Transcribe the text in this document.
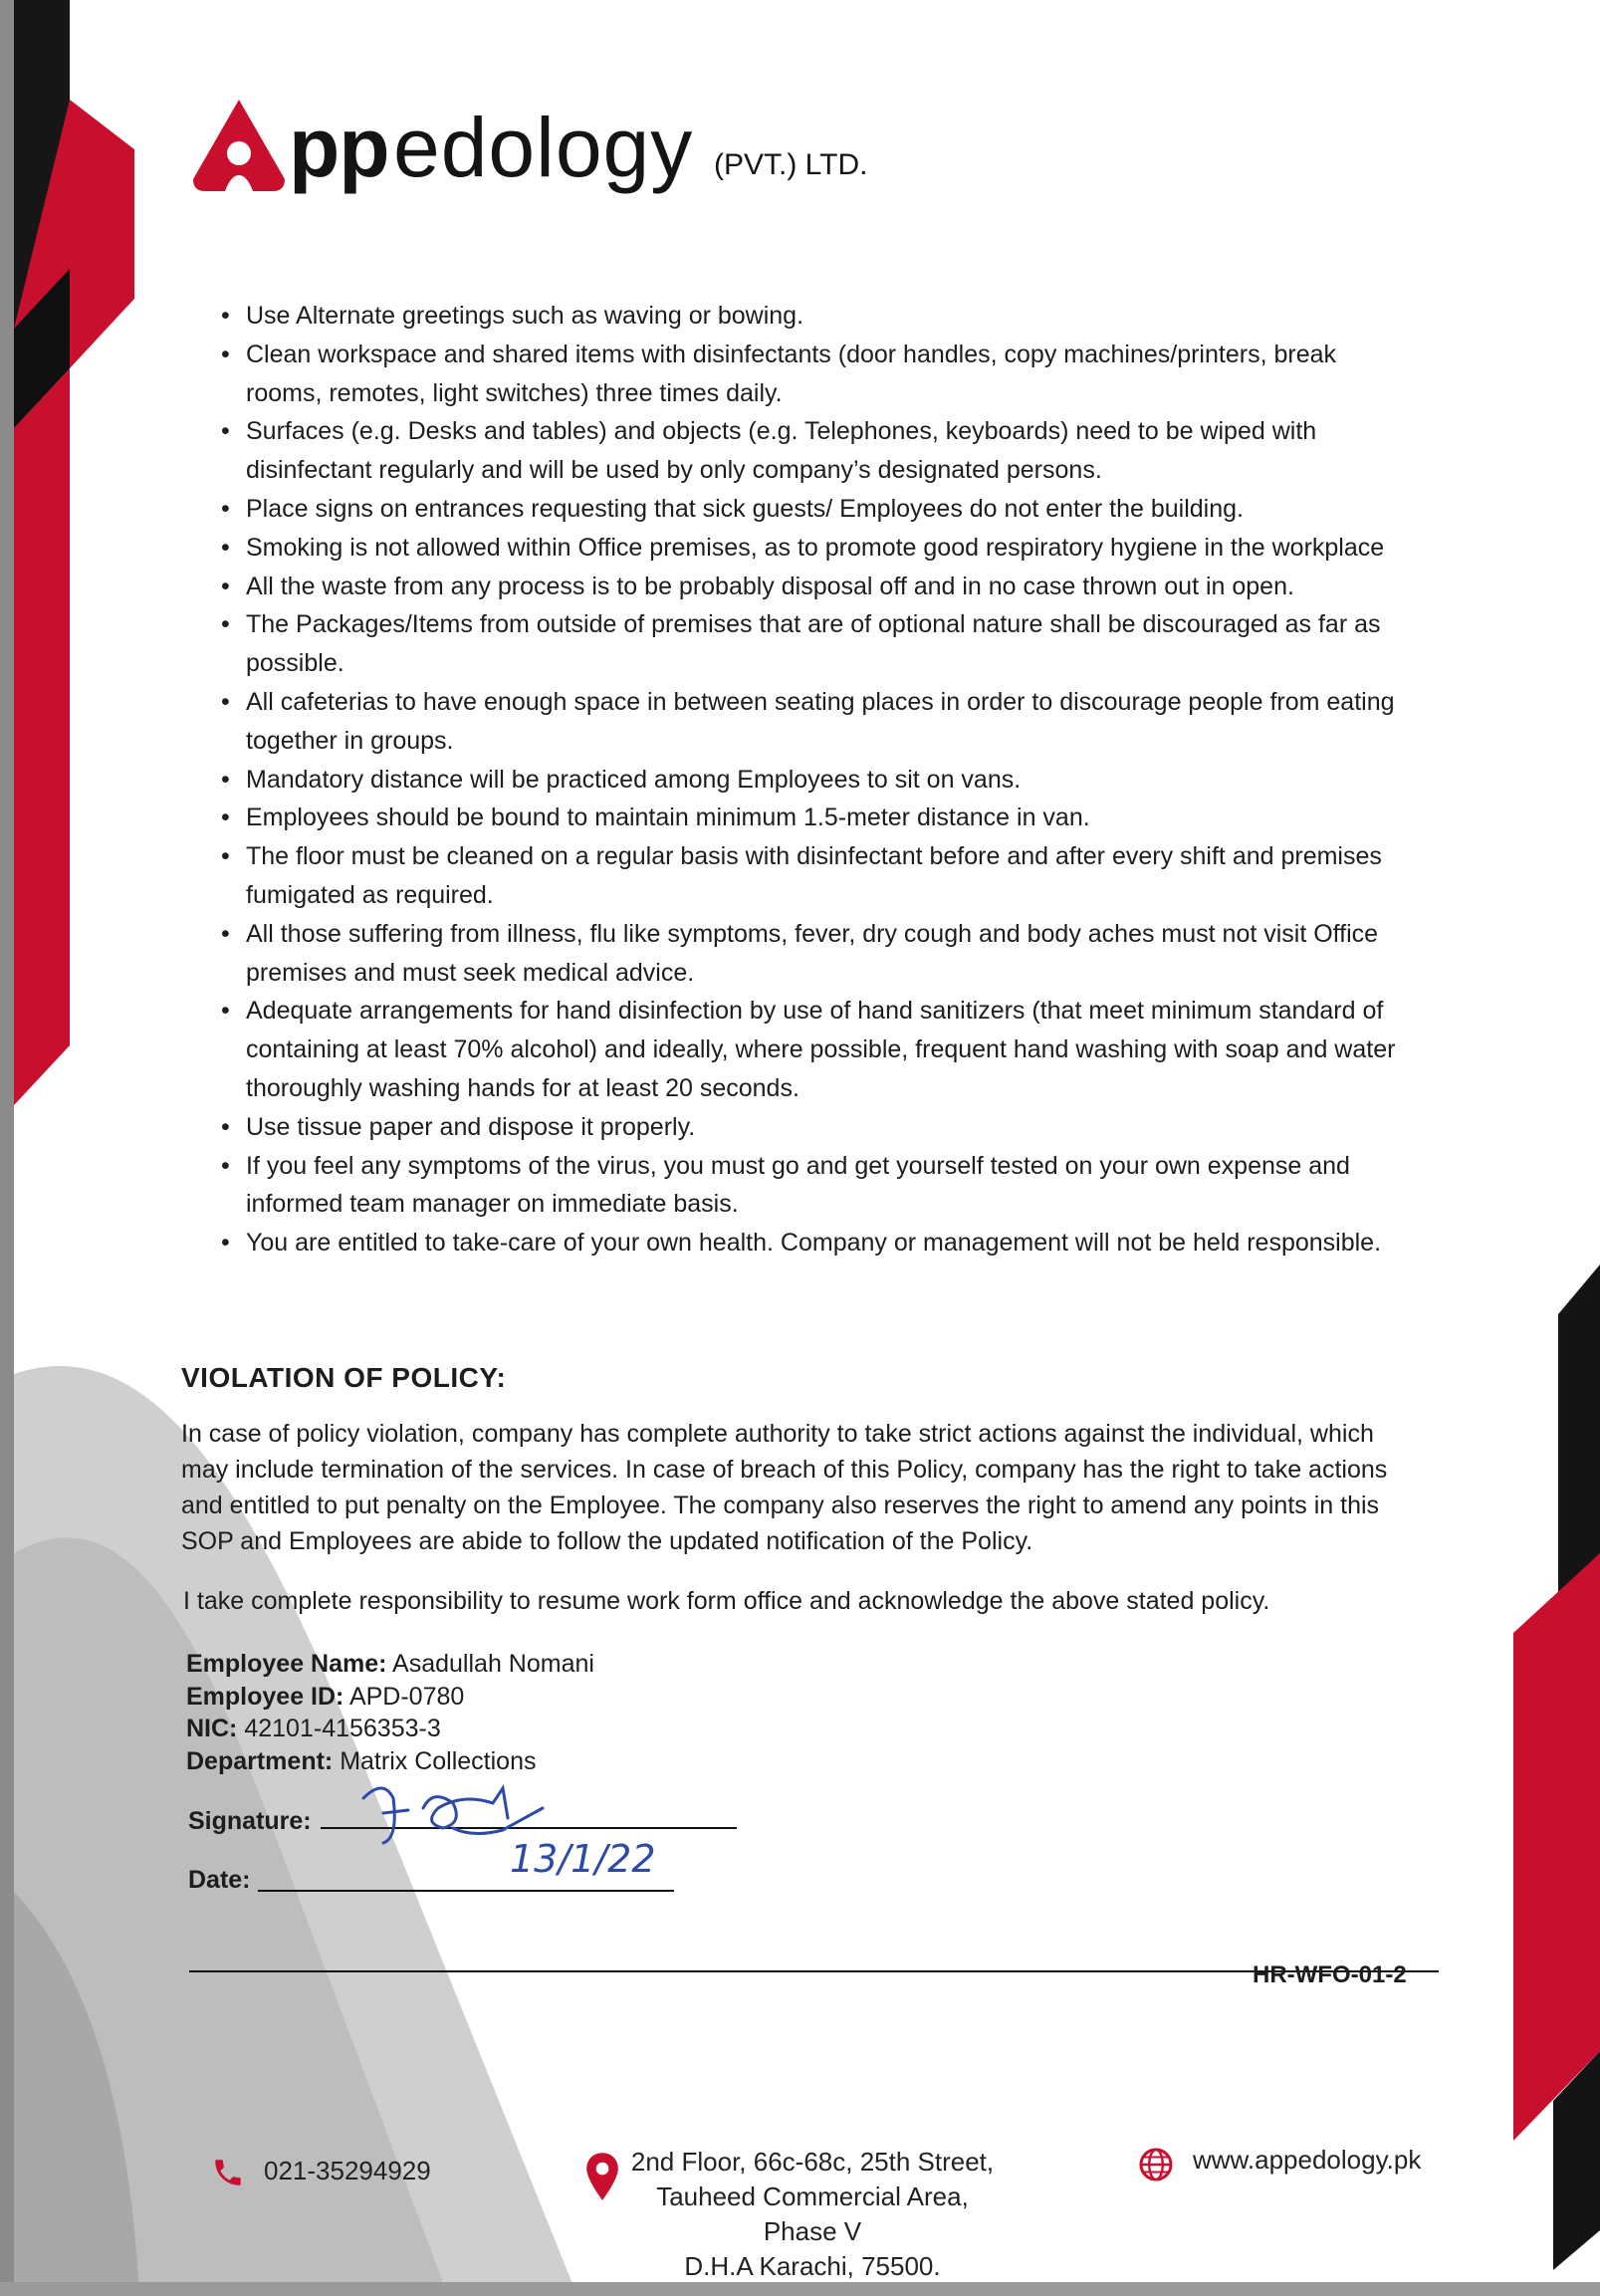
pp edology (PVT.) LTD.
• Use Alternate greetings such as waving or bowing.
• Clean workspace and shared items with disinfectants (door handles, copy machines/printers, break rooms, remotes, light switches) three times daily.
• Surfaces (e.g. Desks and tables) and objects (e.g. Telephones, keyboards) need to be wiped with disinfectant regularly and will be used by only company’s designated persons.
• Place signs on entrances requesting that sick guests/ Employees do not enter the building.
• Smoking is not allowed within Office premises, as to promote good respiratory hygiene in the workplace
• All the waste from any process is to be probably disposal off and in no case thrown out in open.
• The Packages/Items from outside of premises that are of optional nature shall be discouraged as far as possible.
• All cafeterias to have enough space in between seating places in order to discourage people from eating together in groups.
• Mandatory distance will be practiced among Employees to sit on vans.
• Employees should be bound to maintain minimum 1.5-meter distance in van.
• The floor must be cleaned on a regular basis with disinfectant before and after every shift and premises fumigated as required.
• All those suffering from illness, flu like symptoms, fever, dry cough and body aches must not visit Office premises and must seek medical advice.
• Adequate arrangements for hand disinfection by use of hand sanitizers (that meet minimum standard of containing at least 70% alcohol) and ideally, where possible, frequent hand washing with soap and water thoroughly washing hands for at least 20 seconds.
• Use tissue paper and dispose it properly.
• If you feel any symptoms of the virus, you must go and get yourself tested on your own expense and informed team manager on immediate basis.
• You are entitled to take-care of your own health. Company or management will not be held responsible.
VIOLATION OF POLICY:

In case of policy violation, company has complete authority to take strict actions against the individual, which may include termination of the services. In case of breach of this Policy, company has the right to take actions and entitled to put penalty on the Employee. The company also reserves the right to amend any points in this SOP and Employees are abide to follow the updated notification of the Policy.

I take complete responsibility to resume work form office and acknowledge the above stated policy.

Employee Name: Asadullah Nomani
Employee ID: APD-0780
NIC: 42101-4156353-3
Department: Matrix Collections
Signature:
Date:	13/1/22
HR-WFO-01-2
021-35294929	2nd Floor, 66c-68c, 25th Street,
Tauheed Commercial Area, Phase V
D.H.A Karachi, 75500.
www.appedology.pk
